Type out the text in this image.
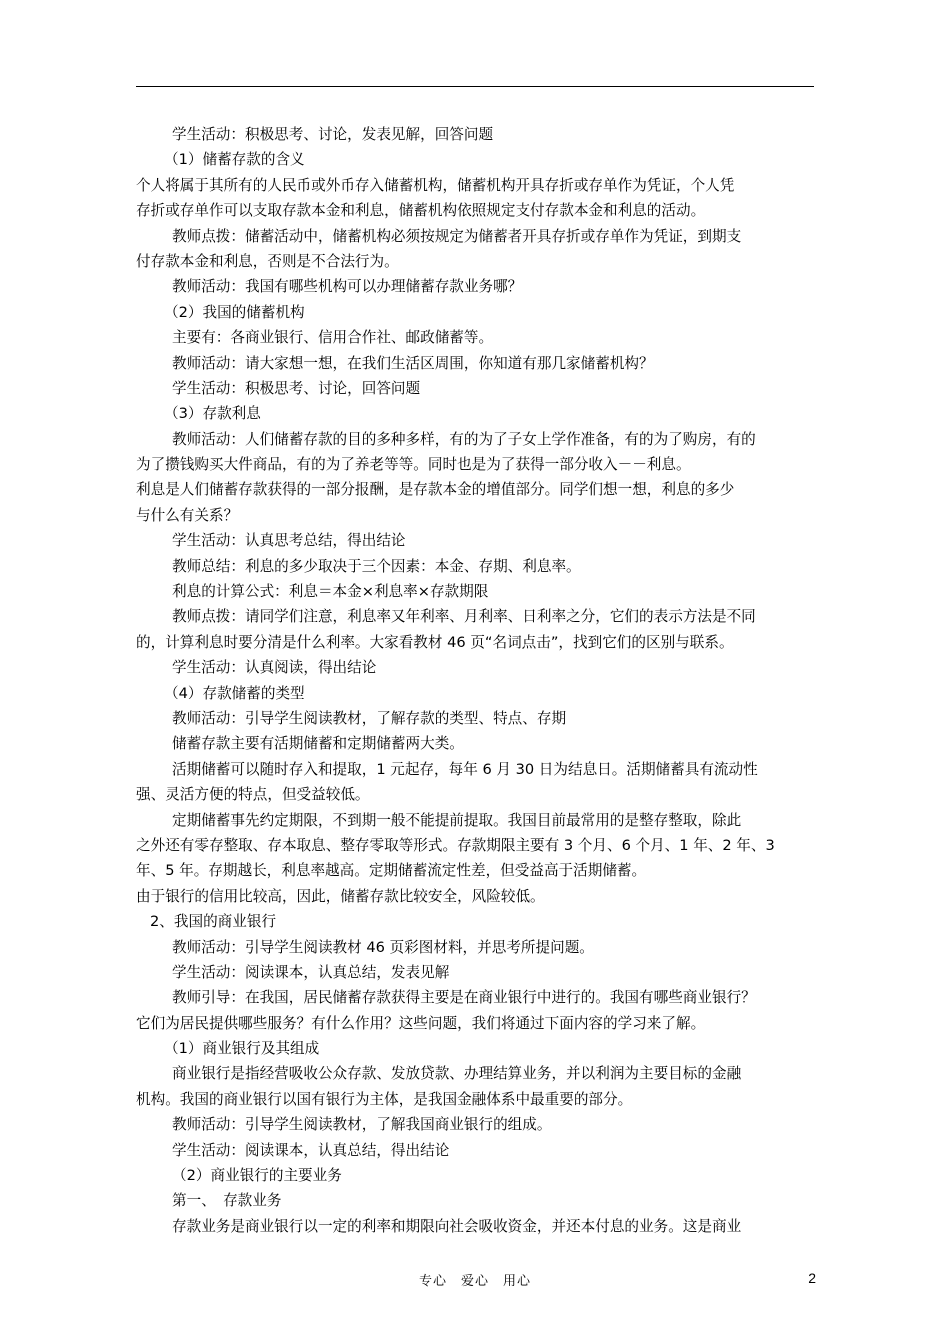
学生活动：积极思考、讨论，发表见解，回答问题

（1）储蓄存款的含义

个人将属于其所有的人民币或外币存入储蓄机构，储蓄机构开具存折或存单作为凭证，个人凭

存折或存单作可以支取存款本金和利息，储蓄机构依照规定支付存款本金和利息的活动。

教师点拨：储蓄活动中，储蓄机构必须按规定为储蓄者开具存折或存单作为凭证，到期支

付存款本金和利息，否则是不合法行为。

教师活动：我国有哪些机构可以办理储蓄存款业务哪？

（2）我国的储蓄机构

主要有：各商业银行、信用合作社、邮政储蓄等。

教师活动：请大家想一想，在我们生活区周围，你知道有那几家储蓄机构？

学生活动：积极思考、讨论，回答问题

（3）存款利息

教师活动：人们储蓄存款的目的多种多样，有的为了子女上学作准备，有的为了购房，有的

为了攒钱购买大件商品，有的为了养老等等。同时也是为了获得一部分收入－－利息。

利息是人们储蓄存款获得的一部分报酬，是存款本金的增值部分。同学们想一想，利息的多少

与什么有关系？

学生活动：认真思考总结，得出结论

教师总结：利息的多少取决于三个因素：本金、存期、利息率。

利息的计算公式：利息＝本金×利息率×存款期限

教师点拨：请同学们注意，利息率又年利率、月利率、日利率之分，它们的表示方法是不同

的，计算利息时要分清是什么利率。大家看教材 46 页“名词点击”，找到它们的区别与联系。

学生活动：认真阅读，得出结论

（4）存款储蓄的类型

教师活动：引导学生阅读教材，了解存款的类型、特点、存期

储蓄存款主要有活期储蓄和定期储蓄两大类。

活期储蓄可以随时存入和提取，1 元起存，每年 6 月 30 日为结息日。活期储蓄具有流动性

强、灵活方便的特点，但受益较低。

定期储蓄事先约定期限，不到期一般不能提前提取。我国目前最常用的是整存整取，除此

之外还有零存整取、存本取息、整存零取等形式。存款期限主要有 3 个月、6 个月、1 年、2 年、3

年、5 年。存期越长，利息率越高。定期储蓄流定性差，但受益高于活期储蓄。

由于银行的信用比较高，因此，储蓄存款比较安全，风险较低。

2、我国的商业银行

教师活动：引导学生阅读教材 46 页彩图材料，并思考所提问题。

学生活动：阅读课本，认真总结，发表见解

教师引导：在我国，居民储蓄存款获得主要是在商业银行中进行的。我国有哪些商业银行？

它们为居民提供哪些服务？有什么作用？这些问题，我们将通过下面内容的学习来了解。

（1）商业银行及其组成

商业银行是指经营吸收公众存款、发放贷款、办理结算业务，并以利润为主要目标的金融

机构。我国的商业银行以国有银行为主体，是我国金融体系中最重要的部分。

教师活动：引导学生阅读教材，了解我国商业银行的组成。

学生活动：阅读课本，认真总结，得出结论

（2）商业银行的主要业务

第一、　存款业务

存款业务是商业银行以一定的利率和期限向社会吸收资金，并还本付息的业务。这是商业

专心　爱心　用心	2
